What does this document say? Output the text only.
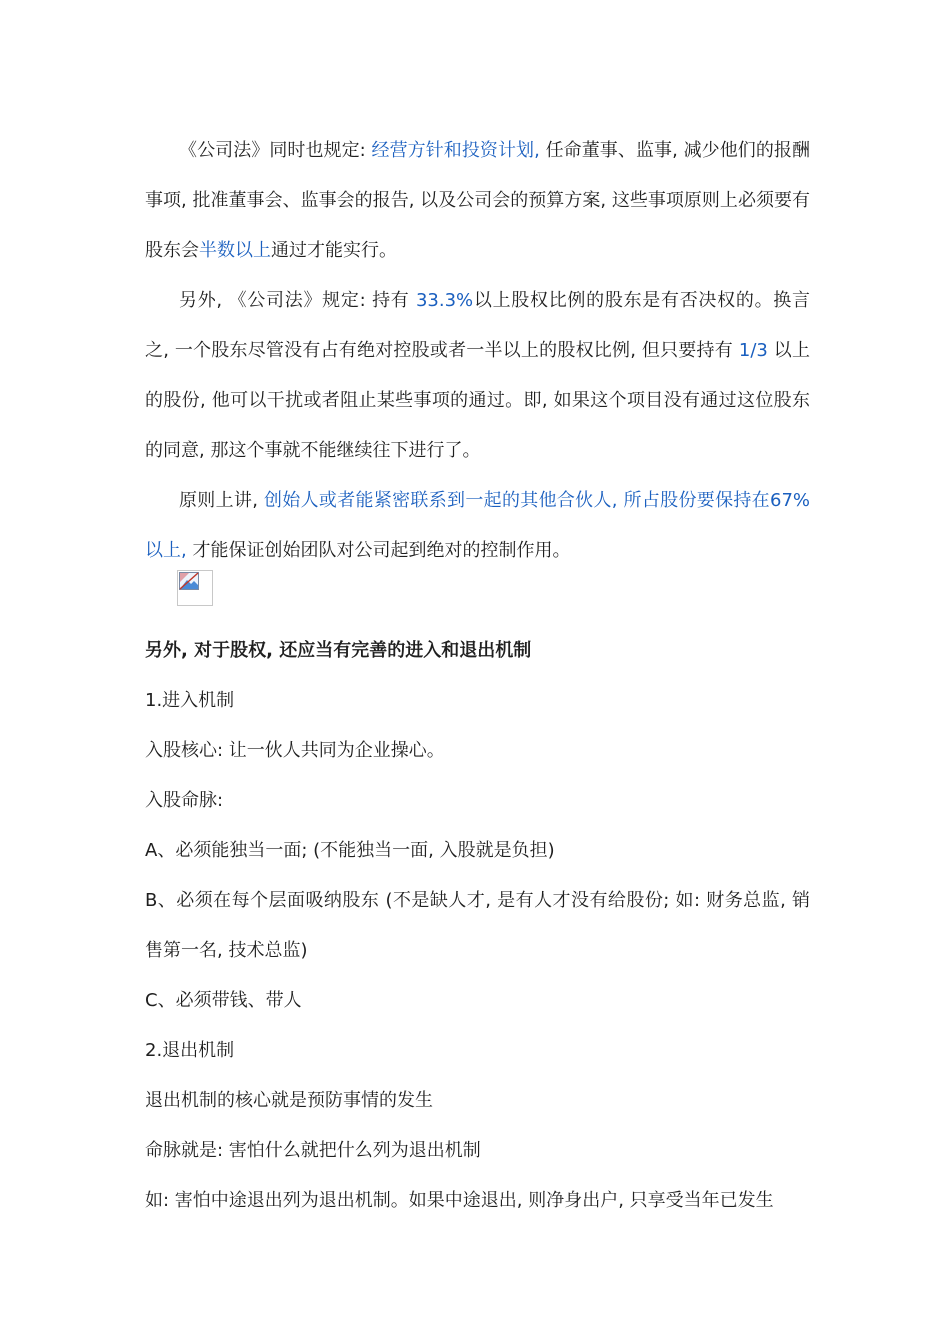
《公司法》同时也规定: 经营方针和投资计划, 任命董事、监事, 减少他们的报酬事项, 批准董事会、监事会的报告, 以及公司会的预算方案, 这些事项原则上必须要有股东会半数以上通过才能实行。

另外, 《公司法》规定: 持有 33.3%以上股权比例的股东是有否决权的。换言之, 一个股东尽管没有占有绝对控股或者一半以上的股权比例, 但只要持有 1/3 以上的股份, 他可以干扰或者阻止某些事项的通过。即, 如果这个项目没有通过这位股东的同意, 那这个事就不能继续往下进行了。

原则上讲, 创始人或者能紧密联系到一起的其他合伙人, 所占股份要保持在67%以上, 才能保证创始团队对公司起到绝对的控制作用。

另外, 对于股权, 还应当有完善的进入和退出机制

1.进入机制

入股核心: 让一伙人共同为企业操心。

入股命脉:

A、必须能独当一面; (不能独当一面, 入股就是负担)

B、必须在每个层面吸纳股东 (不是缺人才, 是有人才没有给股份; 如: 财务总监, 销售第一名, 技术总监)

C、必须带钱、带人

2.退出机制

退出机制的核心就是预防事情的发生

命脉就是: 害怕什么就把什么列为退出机制

如: 害怕中途退出列为退出机制。如果中途退出, 则净身出户, 只享受当年已发生
